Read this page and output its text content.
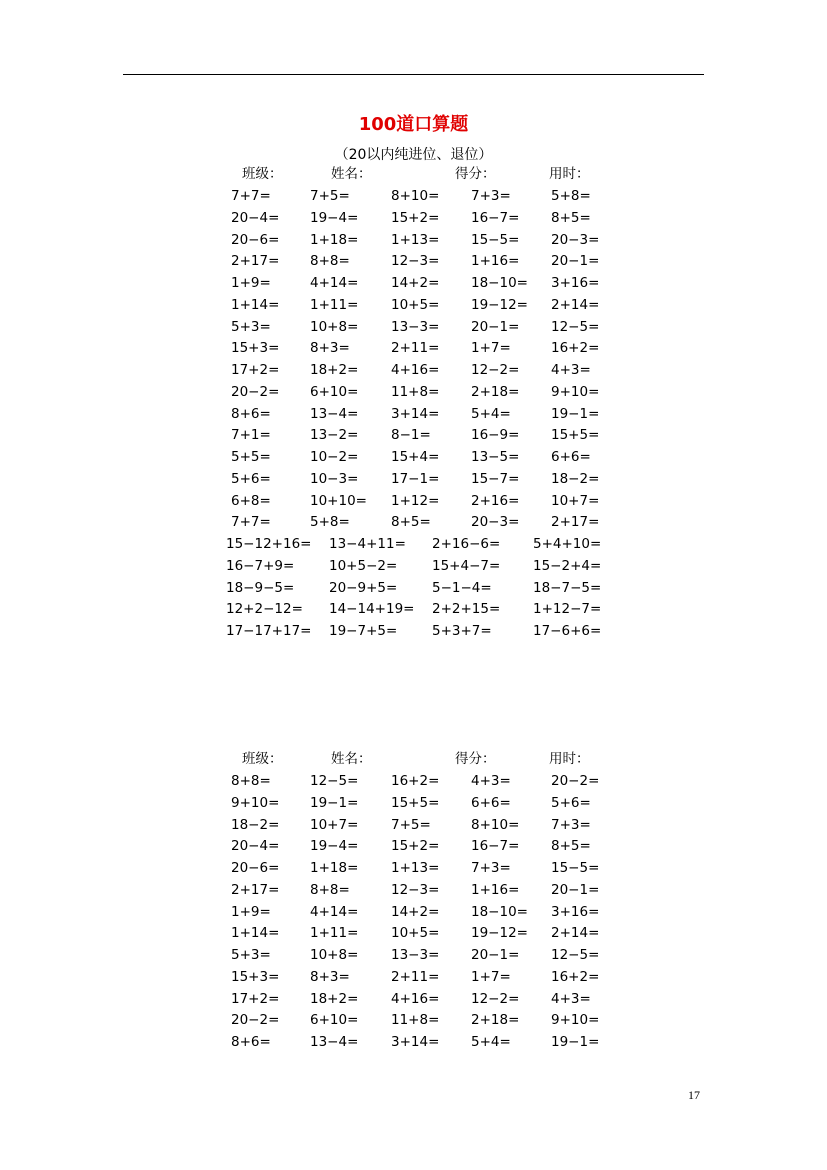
100道口算题
（20以内纯进位、退位）
班级：	姓名：	得分：	用时：
7+7=	7+5=	8+10= 7+3=	5+8=
20−4= 19−4= 15+2= 16−7= 8+5=
20−6= 1+18= 1+13= 15−5= 20−3=
2+17= 8+8=	12−3= 1+16= 20−1=
1+9=	4+14= 14+2= 18−10= 3+16=
1+14= 1+11= 10+5= 19−12= 2+14=
5+3=	10+8= 13−3= 20−1= 12−5=
15+3= 8+3=	2+11= 1+7=	16+2=
17+2= 18+2= 4+16= 12−2= 4+3=
20−2= 6+10= 11+8= 2+18= 9+10=
8+6=	13−4= 3+14= 5+4=	19−1=
7+1=	13−2= 8−1=	16−9= 15+5=
5+5=	10−2= 15+4= 13−5= 6+6=
5+6=	10−3= 17−1= 15−7= 18−2=
6+8=	10+10= 1+12= 2+16= 10+7=
7+7=	5+8=	8+5=	20−3= 2+17=
15−12+16= 13−4+11= 2+16−6= 5+4+10=
16−7+9=	10+5−2=	15+4−7= 15−2+4=
18−9−5=	20−9+5=	5−1−4=	18−7−5=
12+2−12= 14−14+19= 2+2+15= 1+12−7=
17−17+17= 19−7+5=	5+3+7=	17−6+6=
班级：	姓名：	得分：	用时：
8+8=	12−5= 16+2= 4+3=	20−2=
9+10= 19−1= 15+5= 6+6=	5+6=
18−2= 10+7= 7+5=	8+10= 7+3=
20−4= 19−4= 15+2= 16−7= 8+5=
20−6= 1+18= 1+13= 7+3=	15−5=
2+17= 8+8=	12−3= 1+16= 20−1=
1+9=	4+14= 14+2= 18−10= 3+16=
1+14= 1+11= 10+5= 19−12= 2+14=
5+3=	10+8= 13−3= 20−1= 12−5=
15+3= 8+3=	2+11= 1+7=	16+2=
17+2= 18+2= 4+16= 12−2= 4+3=
20−2= 6+10= 11+8= 2+18= 9+10=
8+6=	13−4= 3+14= 5+4=	19−1=
17
